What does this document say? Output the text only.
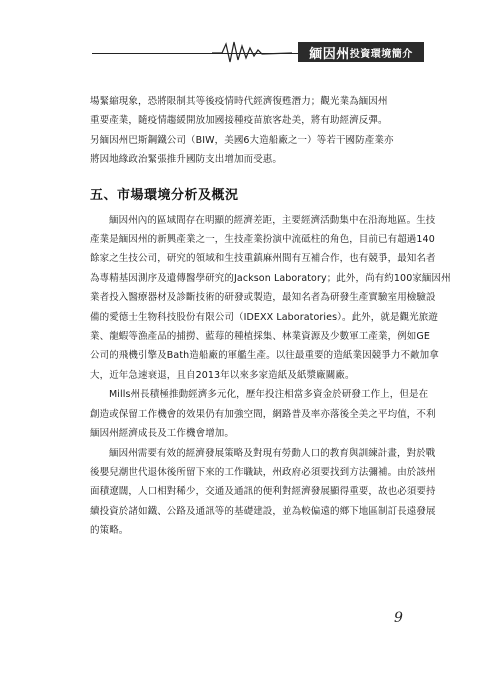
緬因州 投資環境簡介
場緊縮現象，恐將限制其等後疫情時代經濟復甦潛力；觀光業為緬因州
重要產業，隨疫情趨緩開放加國接種疫苗旅客赴美，將有助經濟反彈。
另緬因州巴斯鋼鐵公司（BIW，美國6大造船廠之一）等若干國防產業亦
將因地緣政治緊張推升國防支出增加而受惠。
五、市場環境分析及概況
緬因州內的區域間存在明顯的經濟差距，主要經濟活動集中在沿海地區。生技
產業是緬因州的新興產業之一，生技產業扮演中流砥柱的角色，目前已有超過140
餘家之生技公司，研究的領域和生技重鎮麻州間有互補合作，也有競爭，最知名者
為專精基因測序及遺傳醫學研究的Jackson Laboratory；此外，尚有約100家緬因州
業者投入醫療器材及診斷技術的研發或製造，最知名者為研發生產實驗室用檢驗設
備的愛德士生物科技股份有限公司（IDEXX Laboratories）。此外，就是觀光旅遊
業、龍蝦等漁產品的捕撈、藍莓的種植採集、林業資源及少數軍工產業，例如GE
公司的飛機引擎及Bath造船廠的軍艦生產。以往最重要的造紙業因競爭力不敵加拿
大，近年急速衰退，且自2013年以來多家造紙及紙漿廠關廠。
Mills州長積極推動經濟多元化，歷年投注相當多資金於研發工作上，但是在
創造或保留工作機會的效果仍有加強空間，網路普及率亦落後全美之平均值，不利
緬因州經濟成長及工作機會增加。
緬因州需要有效的經濟發展策略及對現有勞動人口的教育與訓練計畫，對於戰
後嬰兒潮世代退休後所留下來的工作職缺，州政府必須要找到方法彌補。由於該州
面積遼闊，人口相對稀少，交通及通訊的便利對經濟發展顯得重要，故也必須要持
續投資於諸如鐵、公路及通訊等的基礎建設，並為較偏遠的鄉下地區制訂長遠發展
的策略。
9
